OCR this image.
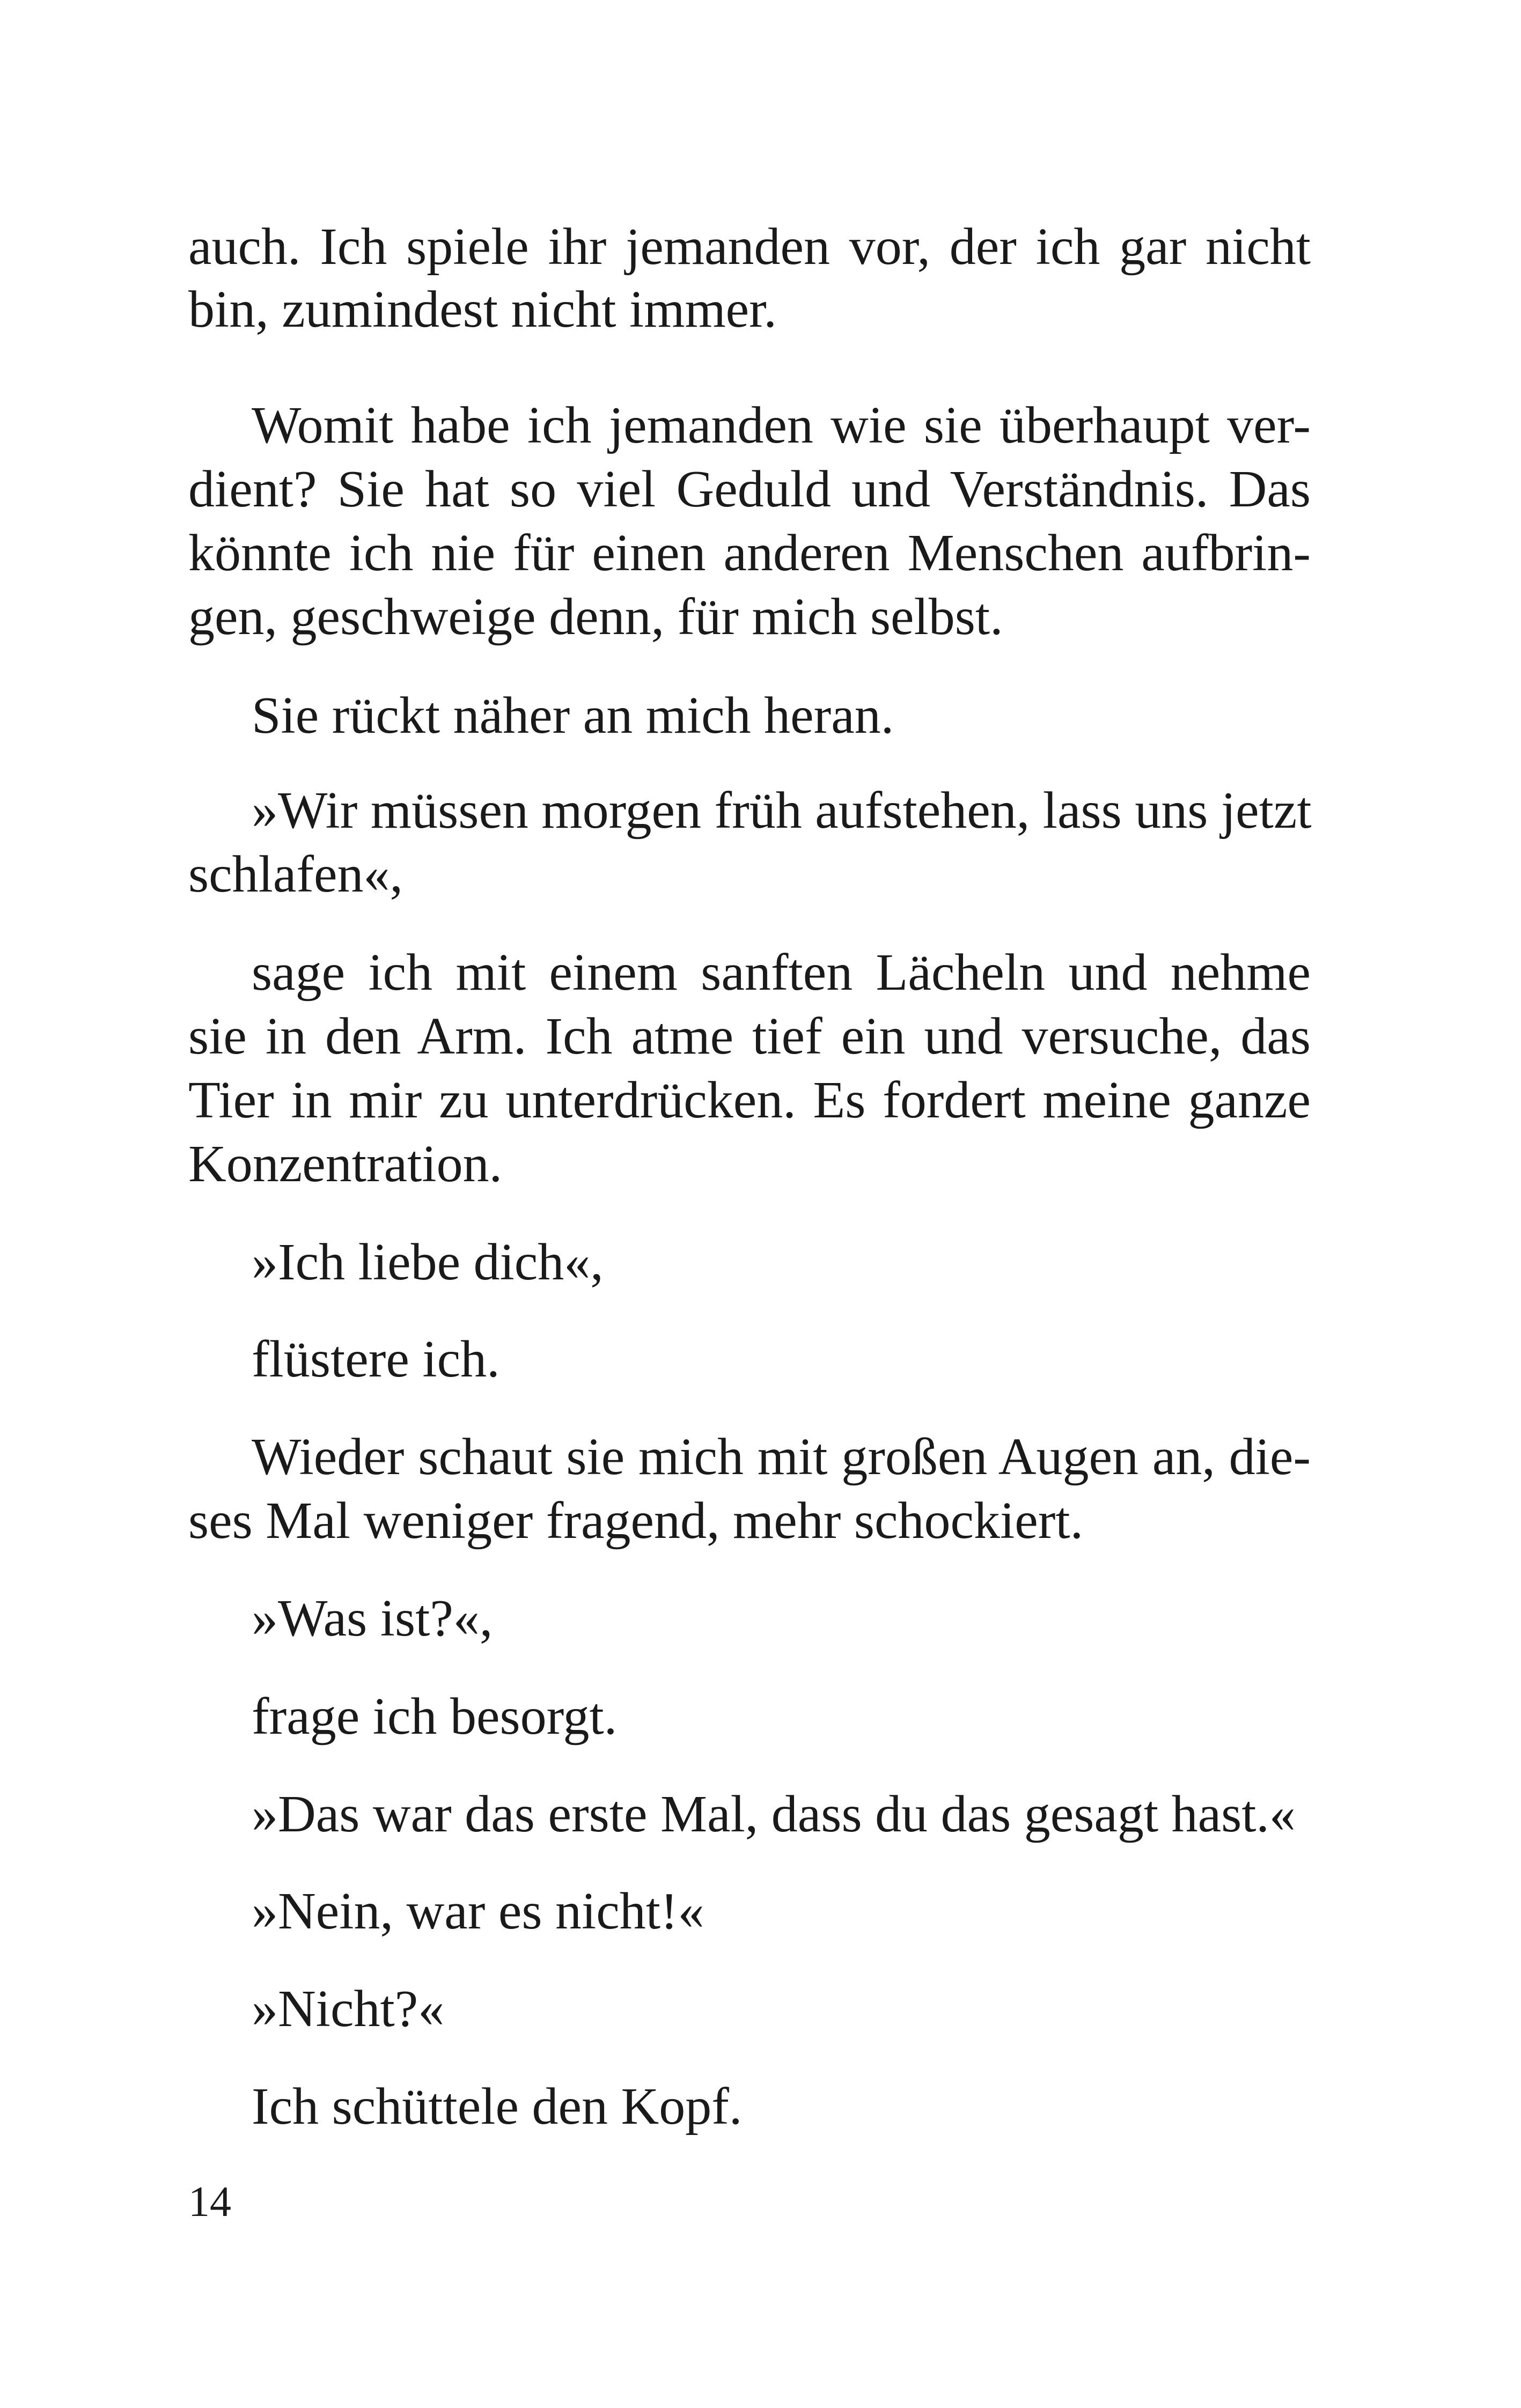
auch. Ich spiele ihr jemanden vor, der ich gar nicht
bin, zumindest nicht immer.
Womit habe ich jemanden wie sie überhaupt ver-
dient? Sie hat so viel Geduld und Verständnis. Das
könnte ich nie für einen anderen Menschen aufbrin-
gen, geschweige denn, für mich selbst.
Sie rückt näher an mich heran.
»Wir müssen morgen früh aufstehen, lass uns jetzt
schlafen«,
sage ich mit einem sanften Lächeln und nehme
sie in den Arm. Ich atme tief ein und versuche, das
Tier in mir zu unterdrücken. Es fordert meine ganze
Konzentration.
»Ich liebe dich«,
flüstere ich.
Wieder schaut sie mich mit großen Augen an, die-
ses Mal weniger fragend, mehr schockiert.
»Was ist?«,
frage ich besorgt.
»Das war das erste Mal, dass du das gesagt hast.«
»Nein, war es nicht!«
»Nicht?«
Ich schüttele den Kopf.
14
